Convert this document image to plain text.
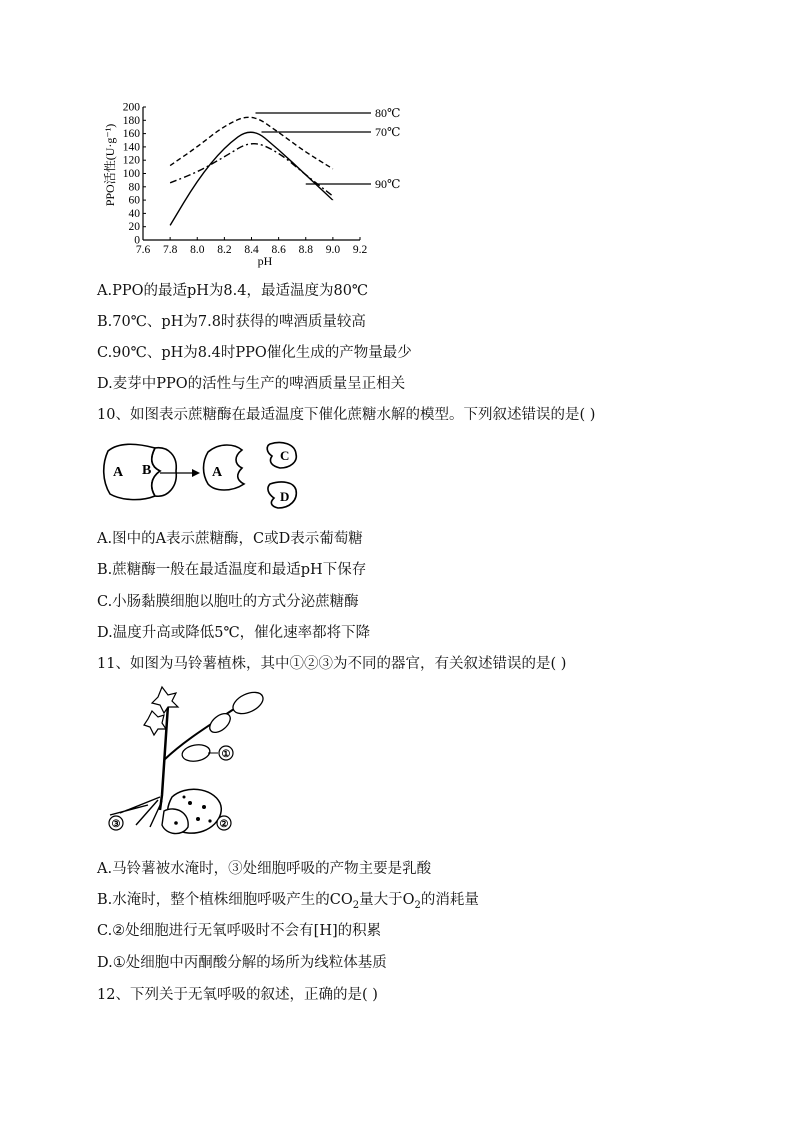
PPO活性(U·g⁻¹)
pH
0
20
40
60
80
100
120
140
160
180
200
7.6 7.8 8.0 8.2 8.4 8.6 8.8 9.0 9.2
80℃
70℃
90℃
A.PPO的最适pH为8.4，最适温度为80℃
B.70℃、pH为7.8时获得的啤酒质量较高
C.90℃、pH为8.4时PPO催化生成的产物量最少
D.麦芽中PPO的活性与生产的啤酒质量呈正相关
10、如图表示蔗糖酶在最适温度下催化蔗糖水解的模型。下列叙述错误的是( )
A B	A
C
D
A.图中的A表示蔗糖酶，C或D表示葡萄糖
B.蔗糖酶一般在最适温度和最适pH下保存
C.小肠黏膜细胞以胞吐的方式分泌蔗糖酶
D.温度升高或降低5℃，催化速率都将下降
11、如图为马铃薯植株，其中①②③为不同的器官，有关叙述错误的是( )
①
②
③
A.马铃薯被水淹时，③处细胞呼吸的产物主要是乳酸
B.水淹时，整个植株细胞呼吸产生的$CO_2$量大于$O_2$的消耗量
C.②处细胞进行无氧呼吸时不会有[H]的积累
D.①处细胞中丙酮酸分解的场所为线粒体基质
12、下列关于无氧呼吸的叙述，正确的是( )
